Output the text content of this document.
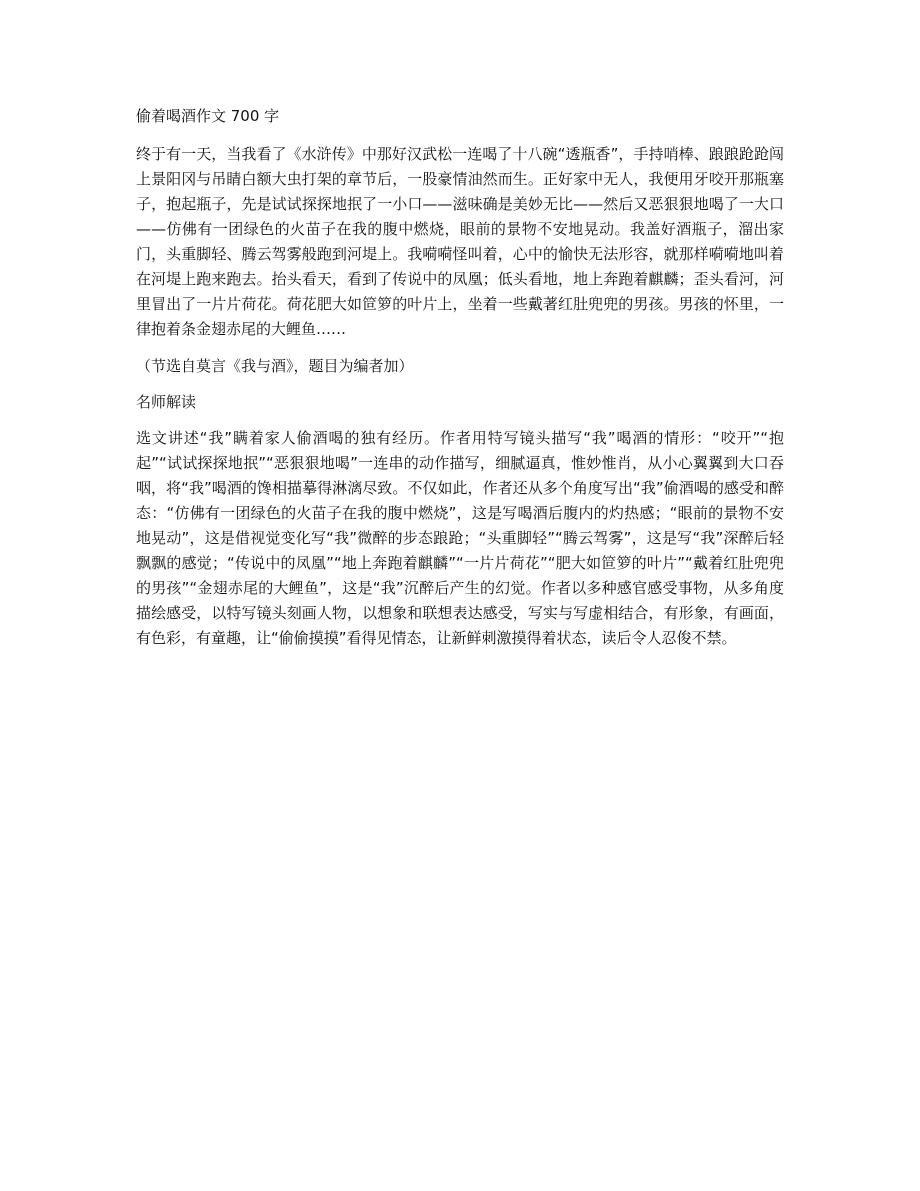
偷着喝酒作文 700 字

终于有一天，当我看了《水浒传》中那好汉武松一连喝了十八碗“透瓶香”，手持哨棒、踉踉跄跄闯上景阳冈与吊睛白额大虫打架的章节后，一股豪情油然而生。正好家中无人，我便用牙咬开那瓶塞子，抱起瓶子，先是试试探探地抿了一小口——滋味确是美妙无比——然后又恶狠狠地喝了一大口——仿佛有一团绿色的火苗子在我的腹中燃烧，眼前的景物不安地晃动。我盖好酒瓶子，溜出家门，头重脚轻、腾云驾雾般跑到河堤上。我嗬嗬怪叫着，心中的愉快无法形容，就那样嗬嗬地叫着在河堤上跑来跑去。抬头看天，看到了传说中的凤凰；低头看地，地上奔跑着麒麟；歪头看河，河里冒出了一片片荷花。荷花肥大如笸箩的叶片上，坐着一些戴著红肚兜兜的男孩。男孩的怀里，一律抱着条金翅赤尾的大鲤鱼……

（节选自莫言《我与酒》，题目为编者加）
名师解读

选文讲述“我”瞒着家人偷酒喝的独有经历。作者用特写镜头描写“我”喝酒的情形：“咬开”“抱起”“试试探探地抿”“恶狠狠地喝”一连串的动作描写，细腻逼真，惟妙惟肖，从小心翼翼到大口吞咽，将“我”喝酒的馋相描摹得淋漓尽致。不仅如此，作者还从多个角度写出“我”偷酒喝的感受和醉态：“仿佛有一团绿色的火苗子在我的腹中燃烧”，这是写喝酒后腹内的灼热感；“眼前的景物不安地晃动”，这是借视觉变化写“我”微醉的步态踉跄；“头重脚轻”“腾云驾雾”，这是写“我”深醉后轻飘飘的感觉；“传说中的凤凰”“地上奔跑着麒麟”“一片片荷花”“肥大如笸箩的叶片”“戴着红肚兜兜的男孩”“金翅赤尾的大鲤鱼”，这是“我”沉醉后产生的幻觉。作者以多种感官感受事物，从多角度描绘感受，以特写镜头刻画人物，以想象和联想表达感受，写实与写虚相结合，有形象，有画面，有色彩，有童趣，让“偷偷摸摸”看得见情态，让新鲜刺激摸得着状态，读后令人忍俊不禁。
